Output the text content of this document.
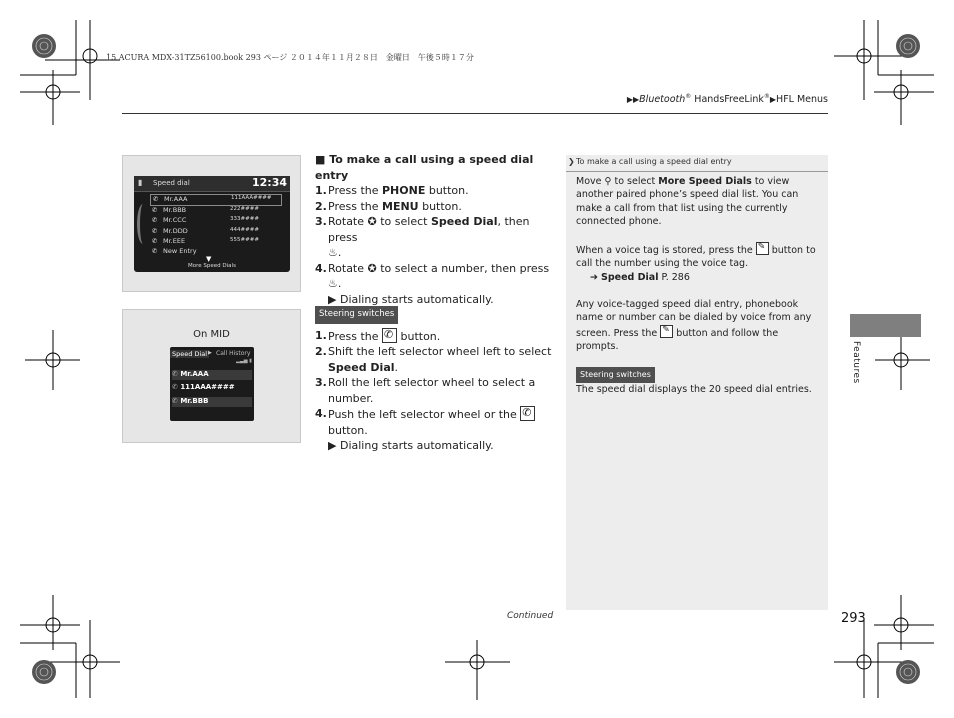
15 ACURA MDX-31TZ56100.book 293 ページ ２０１４年１１月２８日　金曜日　午後５時１７分
▶▶Bluetooth® HandsFreeLink®▶HFL Menus
▮ Speed dial	12:34
✆ Mr.AAA	111AAA####
✆ Mr.BBB	222####
✆ Mr.CCC	333####
✆ Mr.DDD	444####
✆ Mr.EEE	555####
✆ New Entry
▼
More Speed Dials
On MID
Speed Dial ▶ Call History
▂▃▅ ▮
✆ Mr.AAA
✆ 111AAA####
✆ Mr.BBB
■ To make a call using a speed dial entry
1. Press the PHONE button.
2. Press the MENU button.
3. Rotate ✪ to select Speed Dial, then press
♨.
4. Rotate ✪ to select a number, then press
♨.
▶ Dialing starts automatically.
Steering switches
1. Press the ✆ button.
2. Shift the left selector wheel left to select
Speed Dial.
3. Roll the left selector wheel to select a number.
4. Push the left selector wheel or the ✆
button.
▶ Dialing starts automatically.
❯ To make a call using a speed dial entry
Move ⚲ to select More Speed Dials to view another paired phone’s speed dial list. You can make a call from that list using the currently connected phone.
When a voice tag is stored, press the ✎ button to call the number using the voice tag.
➔ Speed Dial P. 286
Any voice-tagged speed dial entry, phonebook name or number can be dialed by voice from any screen. Press the ✎ button and follow the prompts.
Steering switches
The speed dial displays the 20 speed dial entries.
Features
Continued	293
